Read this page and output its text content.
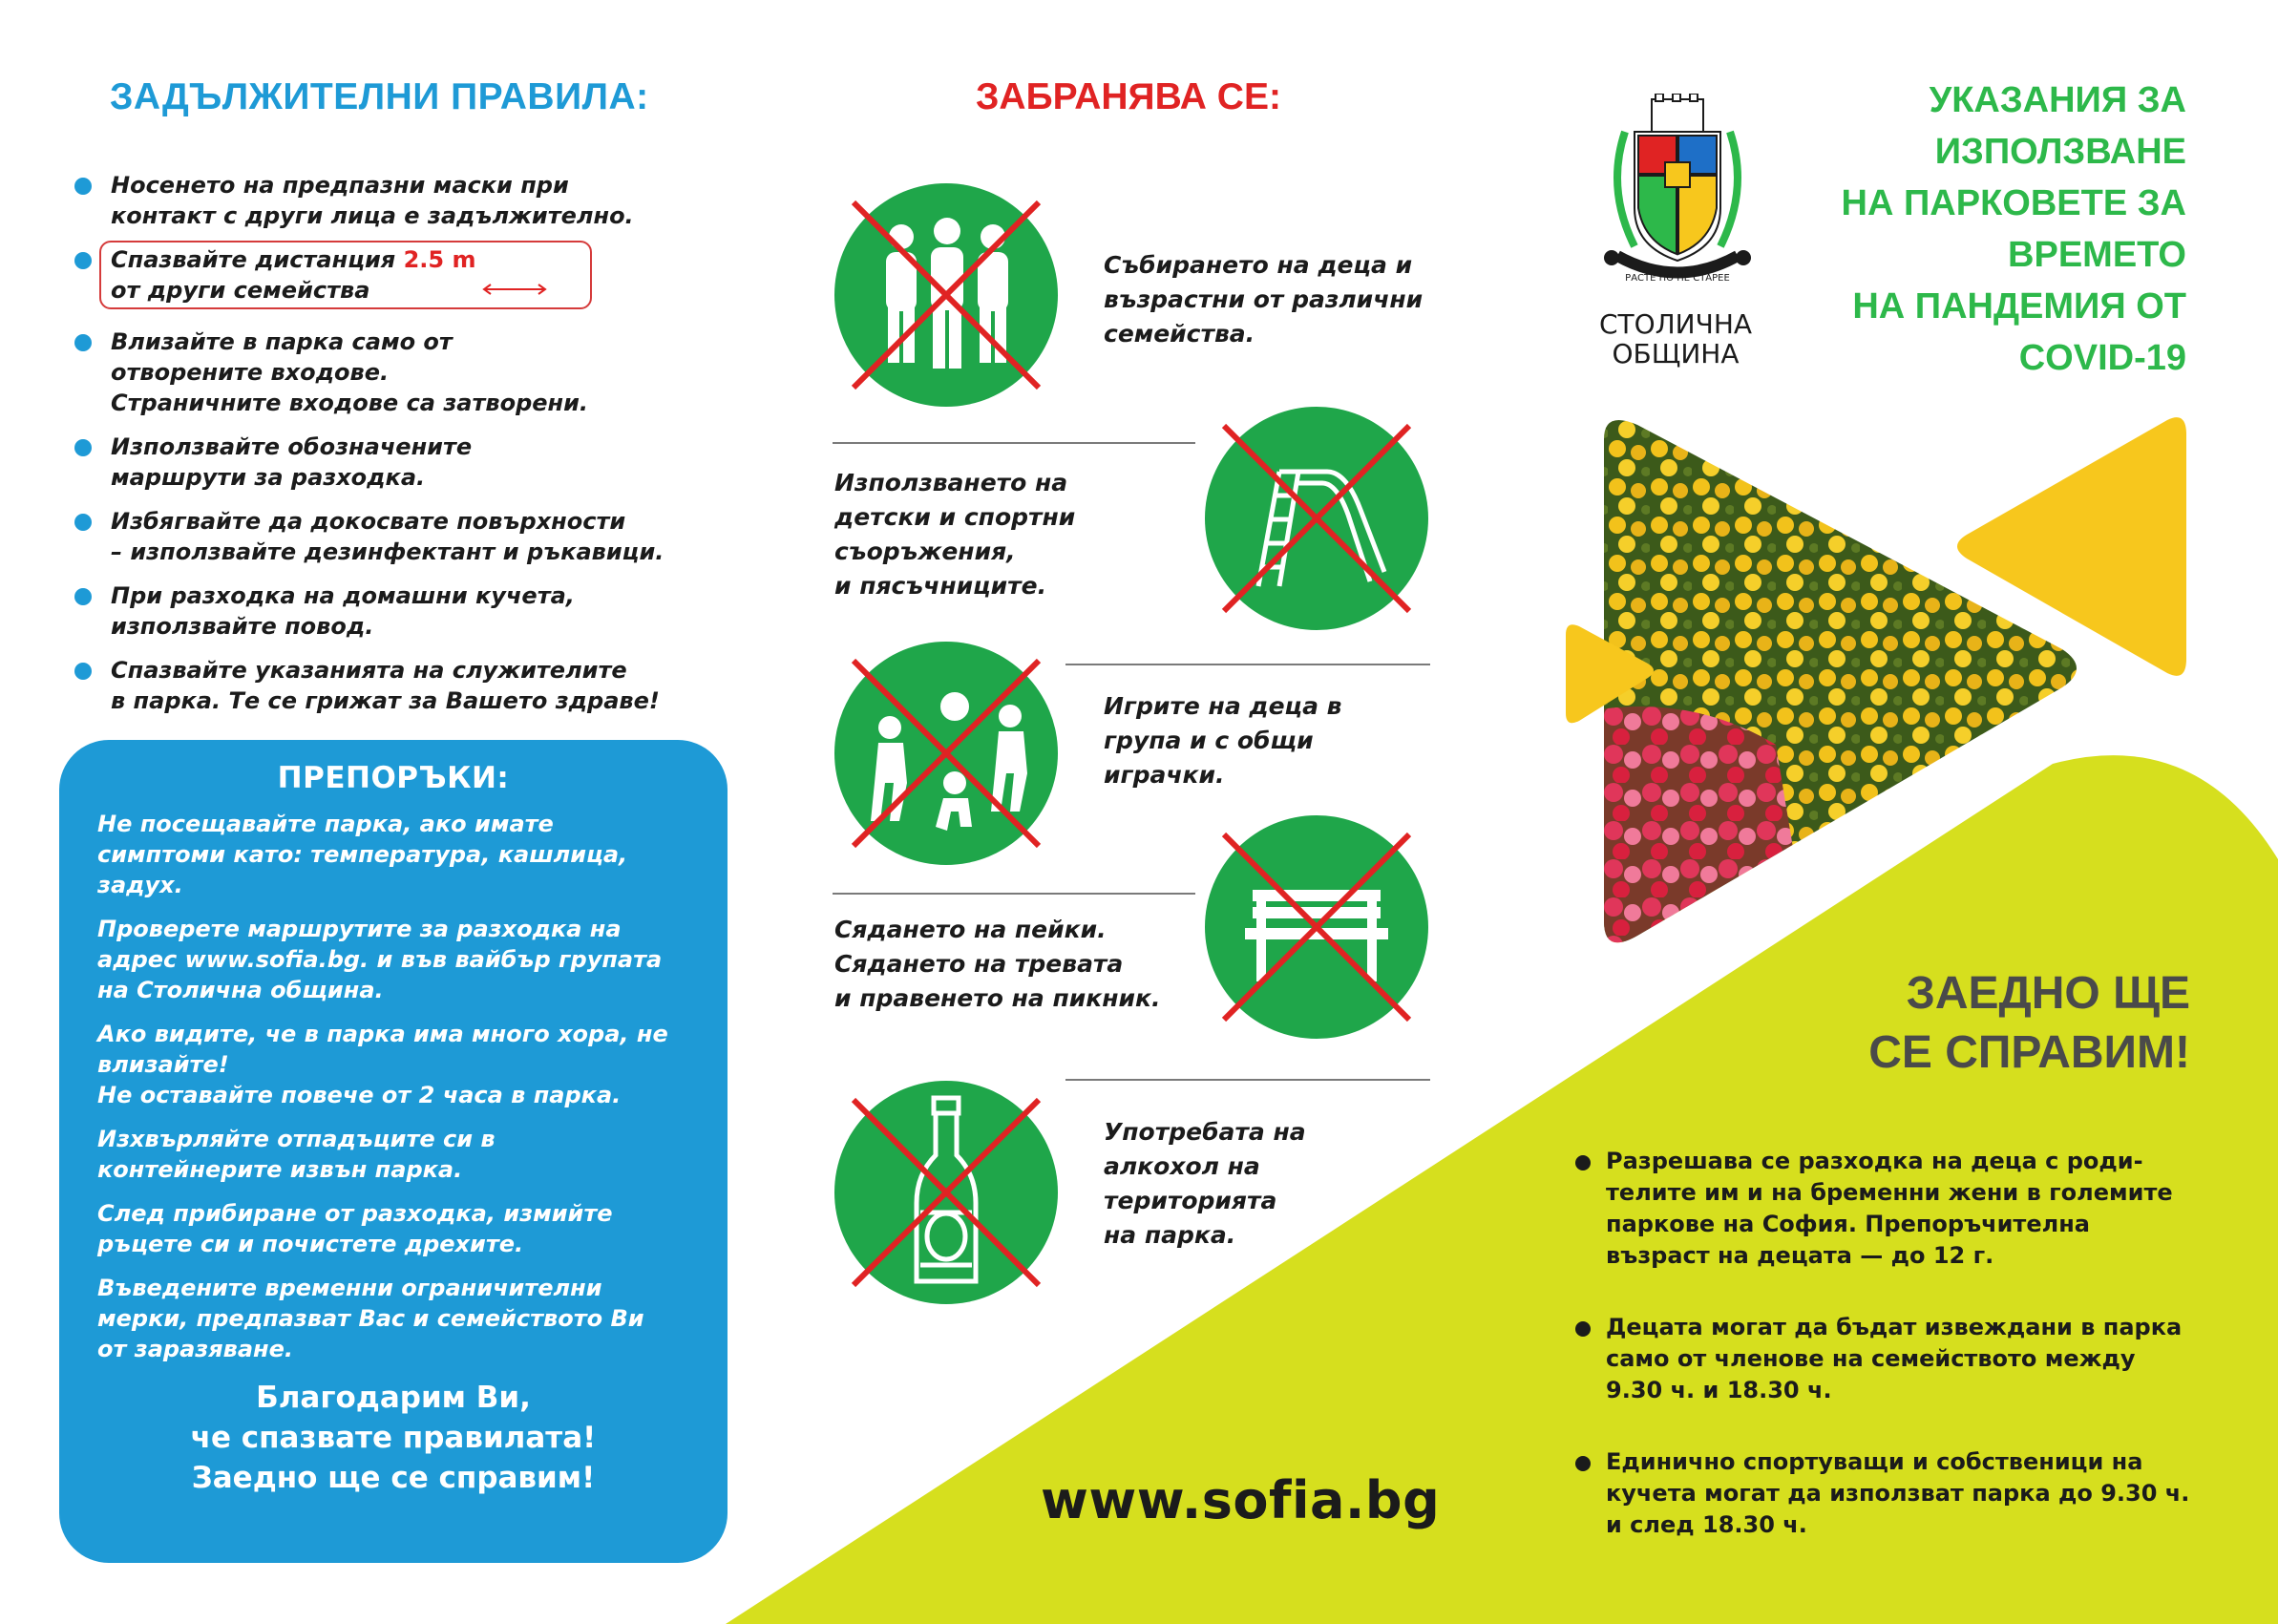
ЗАДЪЛЖИТЕЛНИ ПРАВИЛА:
Носенето на предпазни маски при
контакт с други лица е задължително.
Спазвайте дистанция 2.5 m
от други семейства
Влизайте в парка само от
отворените входове.
Страничните входове са затворени.
Използвайте обозначените
маршрути за разходка.
Избягвайте да докосвате повърхности
– използвайте дезинфектант и ръкавици.
При разходка на домашни кучета,
използвайте повод.
Спазвайте указанията на служителите
в парка. Те се грижат за Вашето здраве!
ПРЕПОРЪКИ:
Не посещавайте парка, ако имате
симптоми като: температура, кашлица,
задух.
Проверете маршрутите за разходка на
адрес www.sofia.bg. и във вайбър групата
на Столична община.
Ако видите, че в парка има много хора, не
влизайте!
Не оставайте повече от 2 часа в парка.
Изхвърляйте отпадъците си в
контейнерите извън парка.
След прибиране от разходка, измийте
ръцете си и почистете дрехите.
Въведените временни ограничителни
мерки, предпазват Вас и семейството Ви
от заразяване.
Благодарим Ви,
че спазвате правилата!
Заедно ще се справим!
ЗАБРАНЯВА СЕ:
Събирането на деца и
възрастни от различни
семейства.
Използването на
детски и спортни
съоръжения,
и пясъчниците.
Игрите на деца в
група и с общи
играчки.
Сядането на пейки.
Сядането на тревата
и правенето на пикник.
Употребата на
алкохол на
територията
на парка.
www.sofia.bg
РАСТЕ НО НЕ СТАРЕЕ
СТОЛИЧНА
ОБЩИНА
УКАЗАНИЯ ЗА
ИЗПОЛЗВАНЕ
НА ПАРКОВЕТЕ ЗА
ВРЕМЕТО
НА ПАНДЕМИЯ ОТ
COVID-19
ЗАЕДНО ЩЕ
СЕ СПРАВИМ!
Разрешава се разходка на деца с роди-
телите им и на бременни жени в големите
паркове на София. Препоръчителна
възраст на децата — до 12 г.
Децата могат да бъдат извеждани в парка
само от членове на семейството между
9.30 ч. и 18.30 ч.
Единично спортуващи и собственици на
кучета могат да използват парка до 9.30 ч.
и след 18.30 ч.
